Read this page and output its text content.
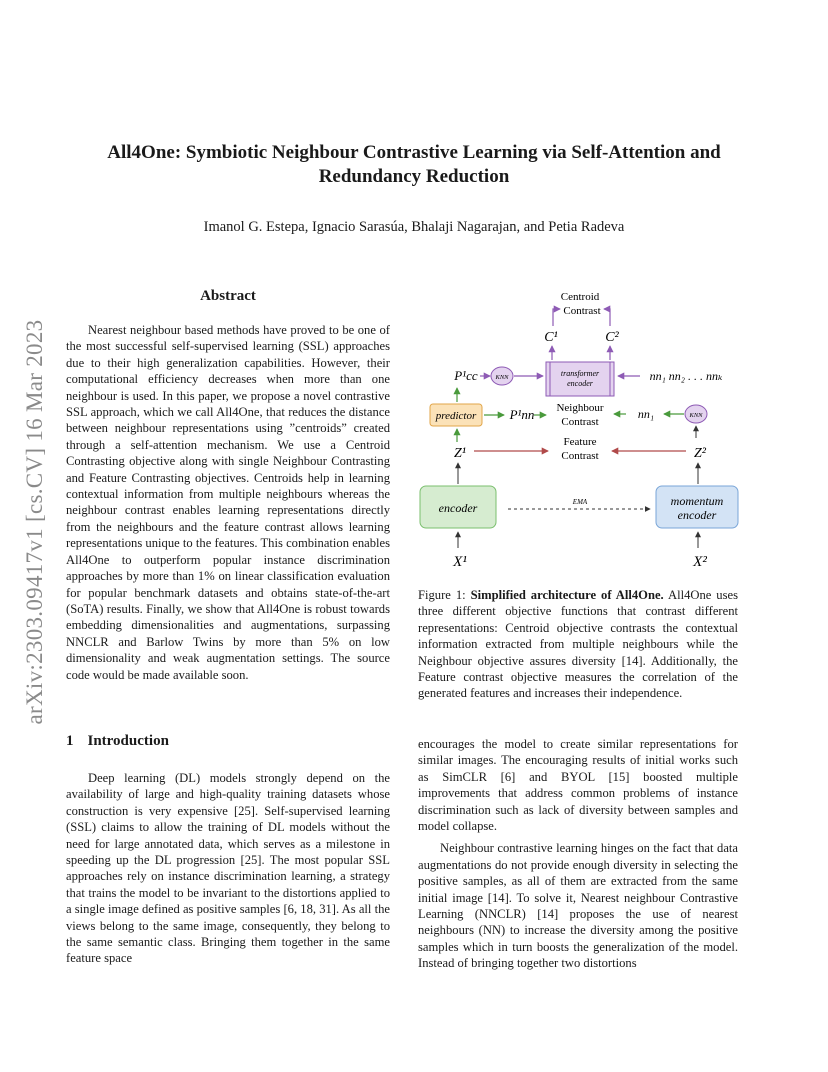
All4One: Symbiotic Neighbour Contrastive Learning via Self-Attention and Redundancy Reduction
Imanol G. Estepa, Ignacio Sarasúa, Bhalaji Nagarajan, and Petia Radeva
arXiv:2303.09417v1 [cs.CV] 16 Mar 2023
Abstract
Nearest neighbour based methods have proved to be one of the most successful self-supervised learning (SSL) approaches due to their high generalization capabilities. However, their computational efficiency decreases when more than one neighbour is used. In this paper, we propose a novel contrastive SSL approach, which we call All4One, that reduces the distance between neighbour representations using ”centroids” created through a self-attention mechanism. We use a Centroid Contrasting objective along with single Neighbour Contrasting and Feature Contrasting objectives. Centroids help in learning contextual information from multiple neighbours whereas the neighbour contrast enables learning representations directly from the neighbours and the feature contrast allows learning representations unique to the features. This combination enables All4One to outperform popular instance discrimination approaches by more than 1% on linear classification evaluation for popular benchmark datasets and obtains state-of-the-art (SoTA) results. Finally, we show that All4One is robust towards embedding dimensionalities and augmentations, surpassing NNCLR and Barlow Twins by more than 5% on low dimensionality and weak augmentation settings. The source code would be made available soon.
Centroid
Contrast
C¹	C²
transformer
encoder
P¹cc	KNN	nn₁ nn₂ . . . nnₖ
predictor	P¹nn Neighbour
Contrast
nn₁	KNN
Z¹	Z²
Feature
Contrast
encoder	EMA	momentum
encoder
X¹	X²
Figure 1: Simplified architecture of All4One. All4One uses three different objective functions that contrast different representations: Centroid objective contrasts the contextual information extracted from multiple neighbours while the Neighbour objective assures diversity [14]. Additionally, the Feature contrast objective measures the correlation of the generated features and increases their independence.
1 Introduction
Deep learning (DL) models strongly depend on the availability of large and high-quality training datasets whose construction is very expensive [25]. Self-supervised learning (SSL) claims to allow the training of DL models without the need for large annotated data, which serves as a milestone in speeding up the DL progression [25]. The most popular SSL approaches rely on instance discrimination learning, a strategy that trains the model to be invariant to the distortions applied to a single image defined as positive samples [6, 18, 31]. As all the views belong to the same image, consequently, they belong to the same semantic class. Bringing them together in the same feature space

encourages the model to create similar representations for similar images. The encouraging results of initial works such as SimCLR [6] and BYOL [15] boosted multiple improvements that address common problems of instance discrimination such as lack of diversity between samples and model collapse.

Neighbour contrastive learning hinges on the fact that data augmentations do not provide enough diversity in selecting the positive samples, as all of them are extracted from the same initial image [14]. To solve it, Nearest neighbour Contrastive Learning (NNCLR) [14] proposes the use of nearest neighbours (NN) to increase the diversity among the positive samples which in turn boosts the generalization of the model. Instead of bringing together two distortions
